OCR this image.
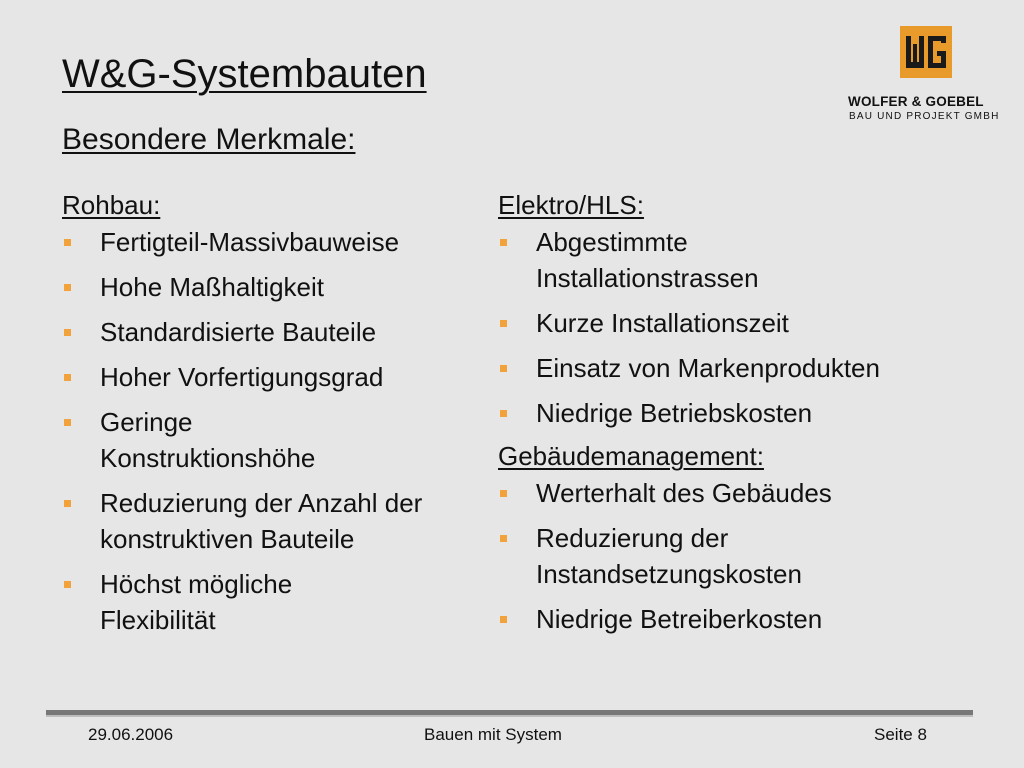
W&G-Systembauten
Besondere Merkmale:
WOLFER & GOEBEL
BAU UND PROJEKT GMBH
Rohbau:
Fertigteil-Massivbauweise
Hohe Maßhaltigkeit
Standardisierte Bauteile
Hoher Vorfertigungsgrad
Geringe Konstruktionshöhe
Reduzierung der Anzahl der konstruktiven Bauteile
Höchst mögliche Flexibilität
Elektro/HLS:
Abgestimmte Installationstrassen
Kurze Installationszeit
Einsatz von Markenprodukten
Niedrige Betriebskosten
Gebäudemanagement:
Werterhalt des Gebäudes
Reduzierung der Instandsetzungskosten
Niedrige Betreiberkosten
29.06.2006	Bauen mit System	Seite 8
